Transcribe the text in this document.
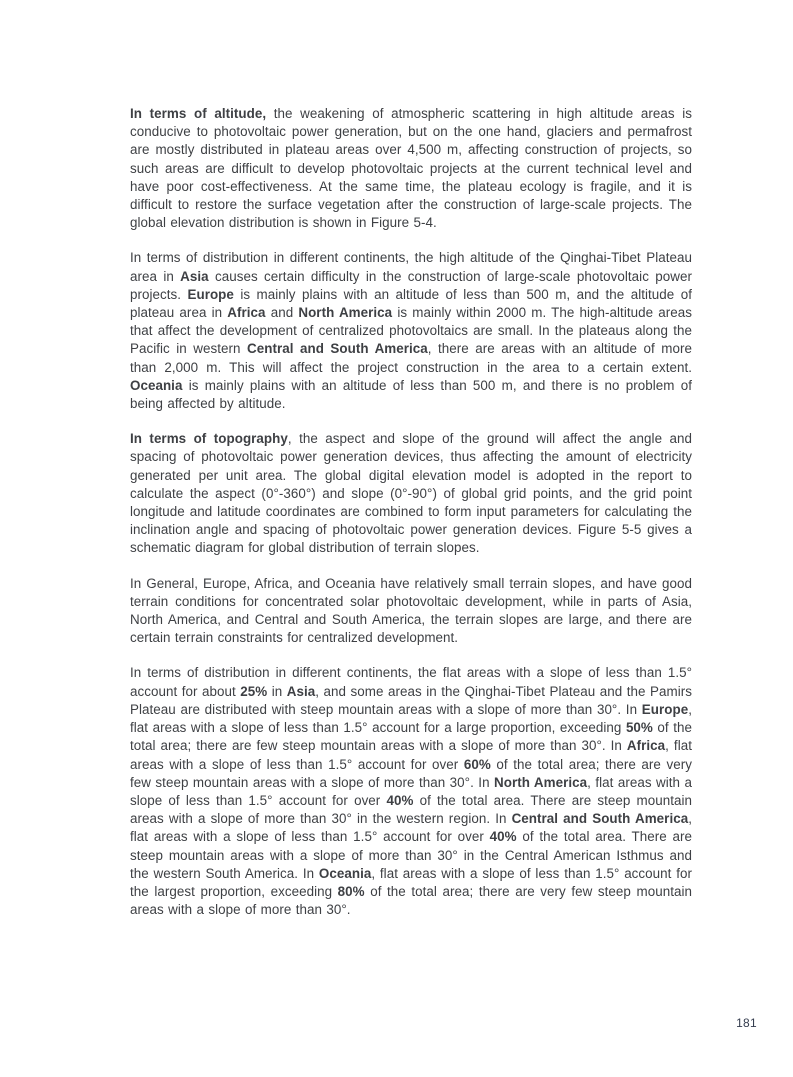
In terms of altitude, the weakening of atmospheric scattering in high altitude areas is conducive to photovoltaic power generation, but on the one hand, glaciers and permafrost are mostly distributed in plateau areas over 4,500 m, affecting construction of projects, so such areas are difficult to develop photovoltaic projects at the current technical level and have poor cost-effectiveness. At the same time, the plateau ecology is fragile, and it is difficult to restore the surface vegetation after the construction of large-scale projects. The global elevation distribution is shown in Figure 5-4.

In terms of distribution in different continents, the high altitude of the Qinghai-Tibet Plateau area in Asia causes certain difficulty in the construction of large-scale photovoltaic power projects. Europe is mainly plains with an altitude of less than 500 m, and the altitude of plateau area in Africa and North America is mainly within 2000 m. The high-altitude areas that affect the development of centralized photovoltaics are small. In the plateaus along the Pacific in western Central and South America, there are areas with an altitude of more than 2,000 m. This will affect the project construction in the area to a certain extent. Oceania is mainly plains with an altitude of less than 500 m, and there is no problem of being affected by altitude.

In terms of topography, the aspect and slope of the ground will affect the angle and spacing of photovoltaic power generation devices, thus affecting the amount of electricity generated per unit area. The global digital elevation model is adopted in the report to calculate the aspect (0°-360°) and slope (0°-90°) of global grid points, and the grid point longitude and latitude coordinates are combined to form input parameters for calculating the inclination angle and spacing of photovoltaic power generation devices. Figure 5-5 gives a schematic diagram for global distribution of terrain slopes.

In General, Europe, Africa, and Oceania have relatively small terrain slopes, and have good terrain conditions for concentrated solar photovoltaic development, while in parts of Asia, North America, and Central and South America, the terrain slopes are large, and there are certain terrain constraints for centralized development.

In terms of distribution in different continents, the flat areas with a slope of less than 1.5° account for about 25% in Asia, and some areas in the Qinghai-Tibet Plateau and the Pamirs Plateau are distributed with steep mountain areas with a slope of more than 30°. In Europe, flat areas with a slope of less than 1.5° account for a large proportion, exceeding 50% of the total area; there are few steep mountain areas with a slope of more than 30°. In Africa, flat areas with a slope of less than 1.5° account for over 60% of the total area; there are very few steep mountain areas with a slope of more than 30°. In North America, flat areas with a slope of less than 1.5° account for over 40% of the total area. There are steep mountain areas with a slope of more than 30° in the western region. In Central and South America, flat areas with a slope of less than 1.5° account for over 40% of the total area. There are steep mountain areas with a slope of more than 30° in the Central American Isthmus and the western South America. In Oceania, flat areas with a slope of less than 1.5° account for the largest proportion, exceeding 80% of the total area; there are very few steep mountain areas with a slope of more than 30°.

181
